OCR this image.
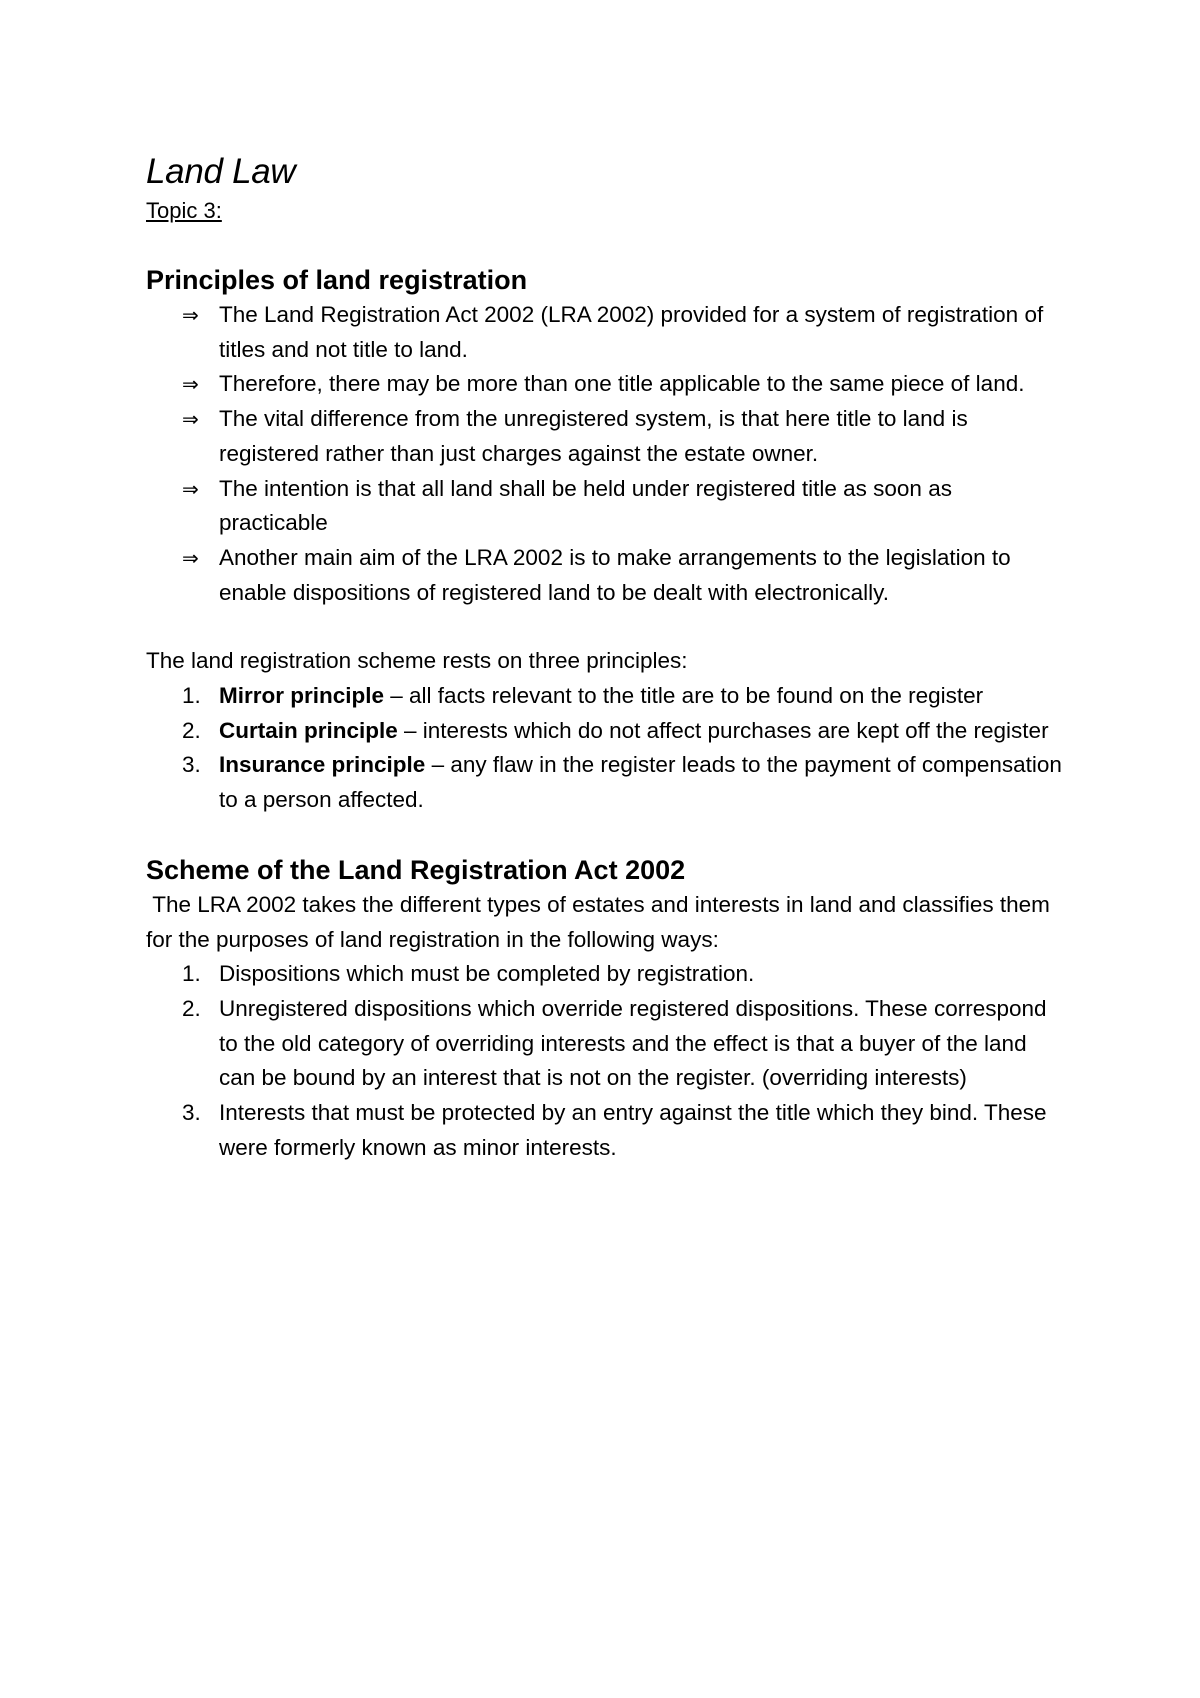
Land Law

Topic 3:

Principles of land registration
⇒ The Land Registration Act 2002 (LRA 2002) provided for a system of registration of titles and not title to land.
⇒ Therefore, there may be more than one title applicable to the same piece of land.
⇒ The vital difference from the unregistered system, is that here title to land is registered rather than just charges against the estate owner.
⇒ The intention is that all land shall be held under registered title as soon as practicable
⇒ Another main aim of the LRA 2002 is to make arrangements to the legislation to enable dispositions of registered land to be dealt with electronically.

The land registration scheme rests on three principles:

1. Mirror principle – all facts relevant to the title are to be found on the register
2. Curtain principle – interests which do not affect purchases are kept off the register
3. Insurance principle – any flaw in the register leads to the payment of compensation to a person affected.
Scheme of the Land Registration Act 2002

The LRA 2002 takes the different types of estates and interests in land and classifies them for the purposes of land registration in the following ways:

1. Dispositions which must be completed by registration.
2. Unregistered dispositions which override registered dispositions. These correspond to the old category of overriding interests and the effect is that a buyer of the land can be bound by an interest that is not on the register. (overriding interests)
3. Interests that must be protected by an entry against the title which they bind. These were formerly known as minor interests.
